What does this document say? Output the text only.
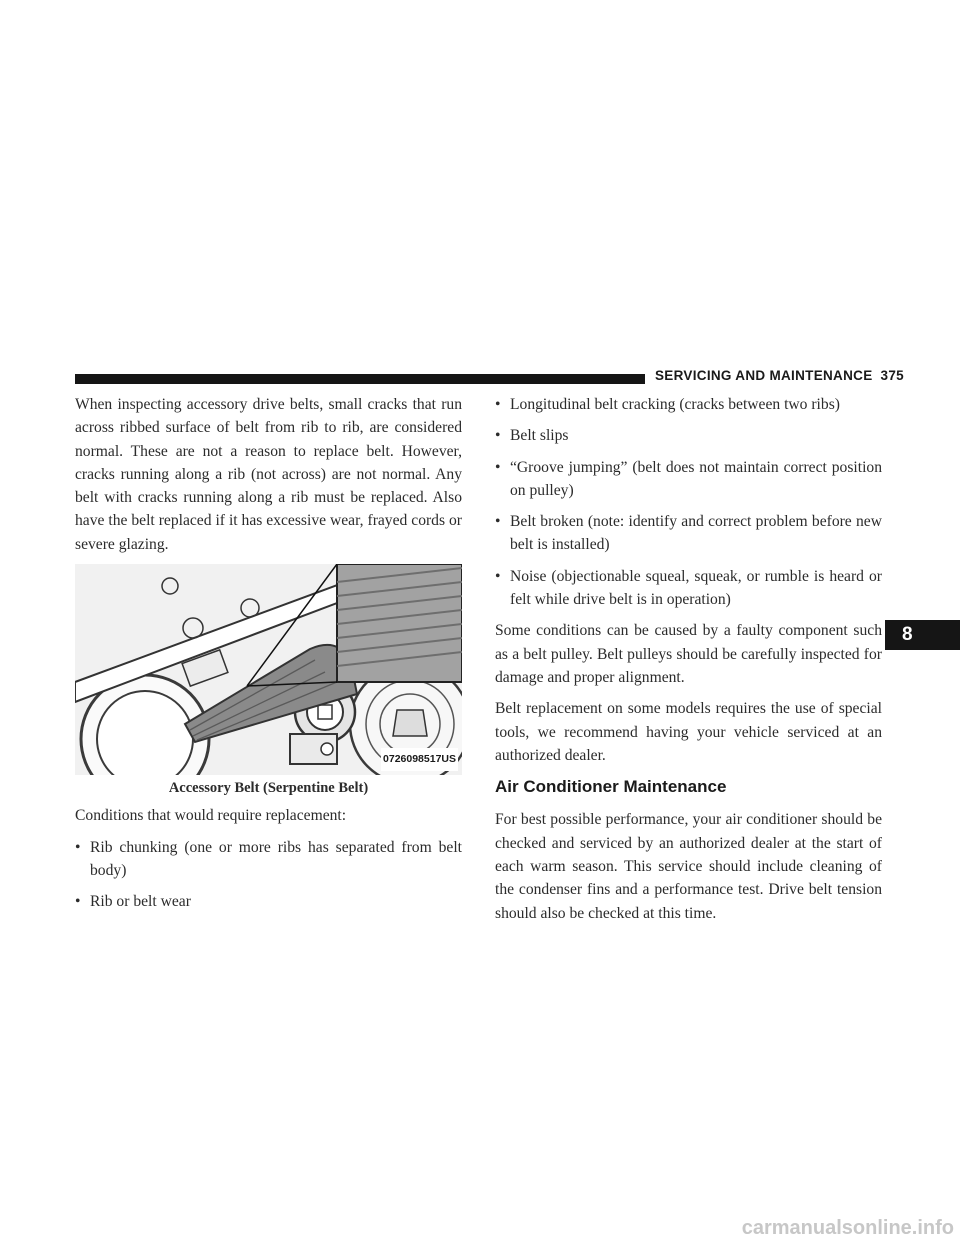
SERVICING AND MAINTENANCE 375

When inspecting accessory drive belts, small cracks that run across ribbed surface of belt from rib to rib, are considered normal. These are not a reason to replace belt. However, cracks running along a rib (not across) are not normal. Any belt with cracks running along a rib must be replaced. Also have the belt replaced if it has excessive wear, frayed cords or severe glazing.

0726098517US
Accessory Belt (Serpentine Belt)

Conditions that would require replacement:

• Rib chunking (one or more ribs has separated from belt body)
• Rib or belt wear
• Longitudinal belt cracking (cracks between two ribs)
• Belt slips
• “Groove jumping” (belt does not maintain correct position on pulley)
• Belt broken (note: identify and correct problem before new belt is installed)
• Noise (objectionable squeal, squeak, or rumble is heard or felt while drive belt is in operation)

Some conditions can be caused by a faulty component such as a belt pulley. Belt pulleys should be carefully inspected for damage and proper alignment.

Belt replacement on some models requires the use of special tools, we recommend having your vehicle serviced at an authorized dealer.

Air Conditioner Maintenance

For best possible performance, your air conditioner should be checked and serviced by an authorized dealer at the start of each warm season. This service should include cleaning of the condenser fins and a performance test. Drive belt tension should also be checked at this time.

8
carmanualsonline.info
